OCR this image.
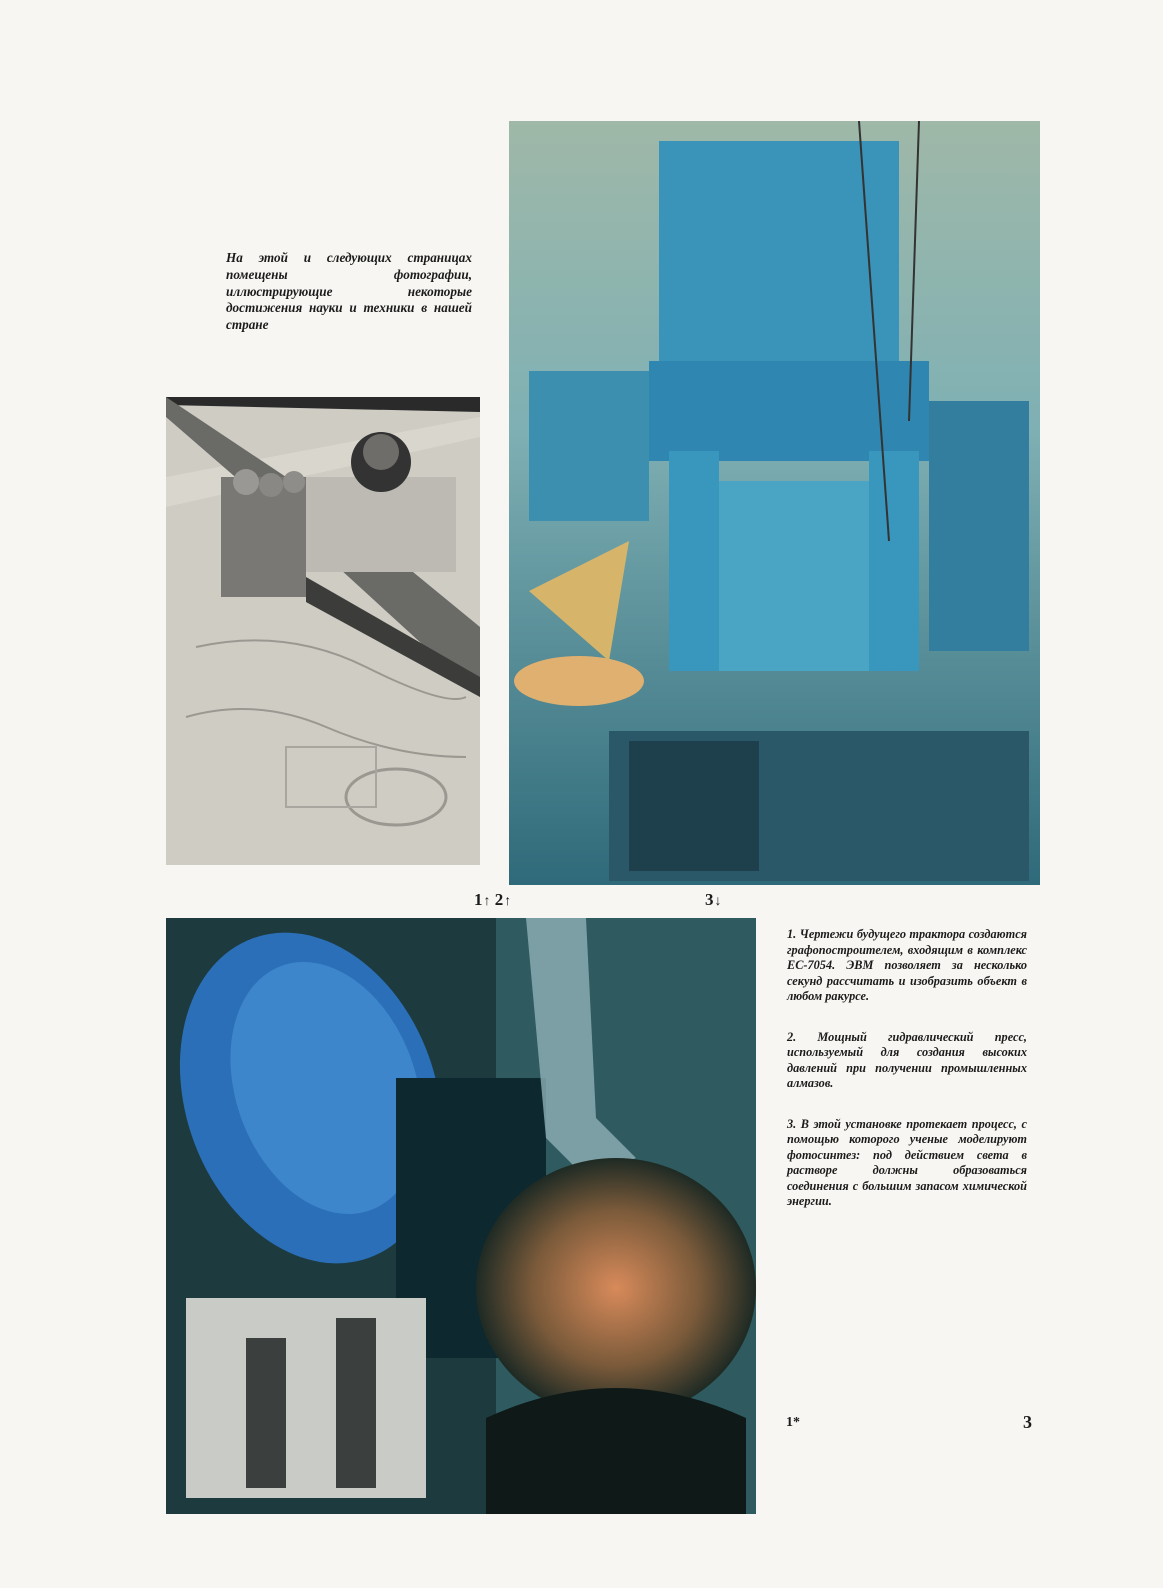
На этой и следующих страницах помещены фотографии, иллюстрирующие некоторые достижения науки и техники в нашей стране

1↑ 2↑	3↓

1. Чертежи будущего трактора создаются графопостроителем, входящим в комплекс ЕС-7054. ЭВМ позволяет за несколько секунд рассчитать и изобразить объект в любом ракурсе.

2. Мощный гидравлический пресс, используемый для создания высоких давлений при получении промышленных алмазов.

3. В этой установке протекает процесс, с помощью которого ученые моделируют фотосинтез: под действием света в растворе должны образоваться соединения с большим запасом химической энергии.

1*	3
